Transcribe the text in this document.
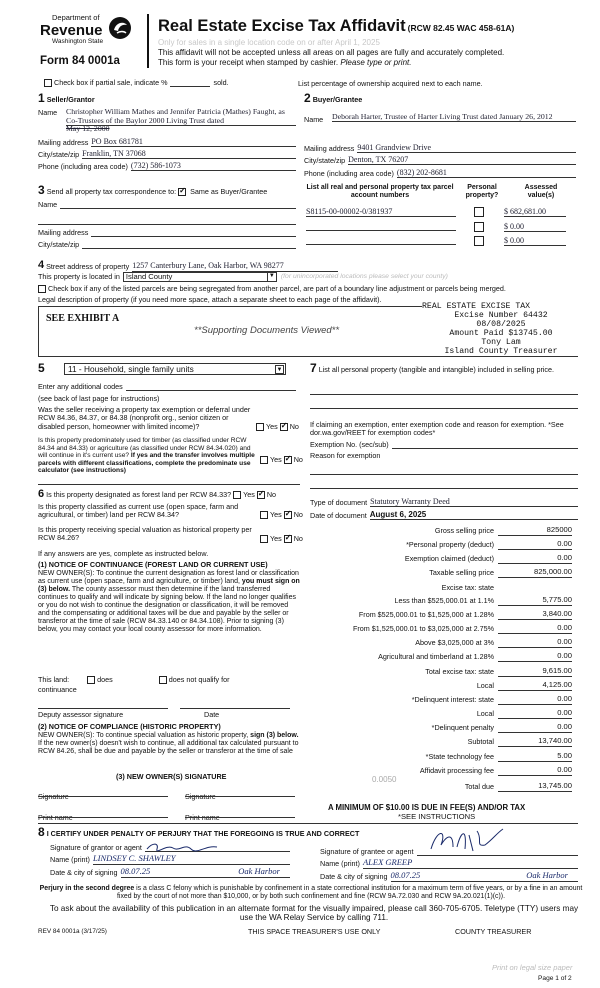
Department of
Revenue
Washington State
Form 84 0001a
Real Estate Excise Tax Affidavit (RCW 82.45 WAC 458-61A)
Only for sales in a single location code on or after April 1, 2025
This affidavit will not be accepted unless all areas on all pages are fully and accurately completed.
This form is your receipt when stamped by cashier. Please type or print.
Check box if partial sale, indicate %	sold.	List percentage of ownership acquired next to each name.
1 Seller/Grantor
Name Christopher William Mathes and Jennifer Patricia (Mathes) Faught, as Co-Trustees of the Baylor 2000 Living Trust dated
May 12, 2000
Mailing address PO Box 681781
City/state/zip Franklin, TN 37068
Phone (including area code) (732) 586-1073
2 Buyer/Grantee
Name Deborah Harter, Trustee of Harter Living Trust dated January 26, 2012
Mailing address 9401 Grandview Drive
City/state/zip Denton, TX 76207
Phone (including area code) (832) 202-8681
3 Send all property tax correspondence to: ✓ Same as Buyer/Grantee
Name
Mailing address
City/state/zip
List all real and personal property tax parcel account numbers
Personal property?
Assessed value(s)
S8115-00-00002-0/381937	$ 682,681.00
$ 0.00
$ 0.00
4 Street address of property 1257 Canterbury Lane, Oak Harbor, WA 98277
This property is located in Island County	▼ (for unincorporated locations please select your county)
Check box if any of the listed parcels are being segregated from another parcel, are part of a boundary line adjustment or parcels being merged.
Legal description of property (if you need more space, attach a separate sheet to each page of the affidavit).
SEE EXHIBIT A
**Supporting Documents Viewed**
REAL ESTATE EXCISE TAX
Excise Number 64432
08/08/2025
Amount Paid $13745.00
Tony Lam
Island County Treasurer
5	11 - Household, single family units	▼
Enter any additional codes
(see back of last page for instructions)
Was the seller receiving a property tax exemption or deferral under RCW 84.36, 84.37, or 84.38 (nonprofit org., senior citizen or disabled person, homeowner with limited income)?	Yes ✓ No
Is this property predominately used for timber (as classified under RCW 84.34 and 84.33) or agriculture (as classified under RCW 84.34.020) and will continue in it's current use? If yes and the transfer involves multiple parcels with different classifications, complete the predominate use calculator (see instructions)
Yes ✓ No
6 Is this property designated as forest land per RCW 84.33? Yes ✓ No
Is this property classified as current use (open space, farm and agricultural, or timber) land per RCW 84.34?	Yes ✓ No
Is this property receiving special valuation as historical property per RCW 84.26?	Yes ✓ No
If any answers are yes, complete as instructed below.
(1) NOTICE OF CONTINUANCE (FOREST LAND OR CURRENT USE)
NEW OWNER(S): To continue the current designation as forest land or classification as current use (open space, farm and agriculture, or timber) land, you must sign on (3) below. The county assessor must then determine if the land transferred continues to qualify and will indicate by signing below. If the land no longer qualifies or you do not wish to continue the designation or classification, it will be removed and the compensating or additional taxes will be due and payable by the seller or transferor at the time of sale (RCW 84.33.140 or 84.34.108). Prior to signing (3) below, you may contact your local county assessor for more information.
This land:	does	does not qualify for
continuance
Deputy assessor signature	Date
(2) NOTICE OF COMPLIANCE (HISTORIC PROPERTY)
NEW OWNER(S): To continue special valuation as historic property, sign (3) below. If the new owner(s) doesn't wish to continue, all additional tax calculated pursuant to RCW 84.26, shall be due and payable by the seller or transferor at the time of sale
(3) NEW OWNER(S) SIGNATURE
Signature	Signature
Print name	Print name
7 List all personal property (tangible and intangible) included in selling price.
If claiming an exemption, enter exemption code and reason for exemption. *See dor.wa.gov/REET for exemption codes*
Exemption No. (sec/sub)
Reason for exemption
Type of document Statutory Warranty Deed
Date of document August 6, 2025
Gross selling price	825000
*Personal property (deduct)	0.00
Exemption claimed (deduct)	0.00
Taxable selling price	825,000.00
Excise tax: state
Less than $525,000.01 at 1.1%	5,775.00
From $525,000.01 to $1,525,000 at 1.28%	3,840.00
From $1,525,000.01 to $3,025,000 at 2.75%	0.00
Above $3,025,000 at 3%	0.00
Agricultural and timberland at 1.28%	0.00
Total excise tax: state	9,615.00
Local	4,125.00
*Delinquent interest: state	0.00
Local	0.00
*Delinquent penalty	0.00
Subtotal	13,740.00
*State technology fee	5.00
Affidavit processing fee	0.00
Total due	13,745.00
0.0050
A MINIMUM OF $10.00 IS DUE IN FEE(S) AND/OR TAX
*SEE INSTRUCTIONS
8 I CERTIFY UNDER PENALTY OF PERJURY THAT THE FOREGOING IS TRUE AND CORRECT
Signature of grantor or agent
Name (print) LINDSEY C. SHAWLEY
Date & city of signing 08.07.25	Oak Harbor
Signature of grantee or agent
Name (print) ALEX GREEP
Date & city of signing 08.07.25	Oak Harbor
Perjury in the second degree is a class C felony which is punishable by confinement in a state correctional institution for a maximum term of five years, or by a fine in an amount fixed by the court of not more than $10,000, or by both such confinement and fine (RCW 9A.72.030 and RCW 9A.20.021(1)(c)).
To ask about the availability of this publication in an alternate format for the visually impaired, please call 360-705-6705. Teletype (TTY) users may use the WA Relay Service by calling 711.
REV 84 0001a (3/17/25)	THIS SPACE TREASURER'S USE ONLY	COUNTY TREASURER
Print on legal size paper
Page 1 of 2
